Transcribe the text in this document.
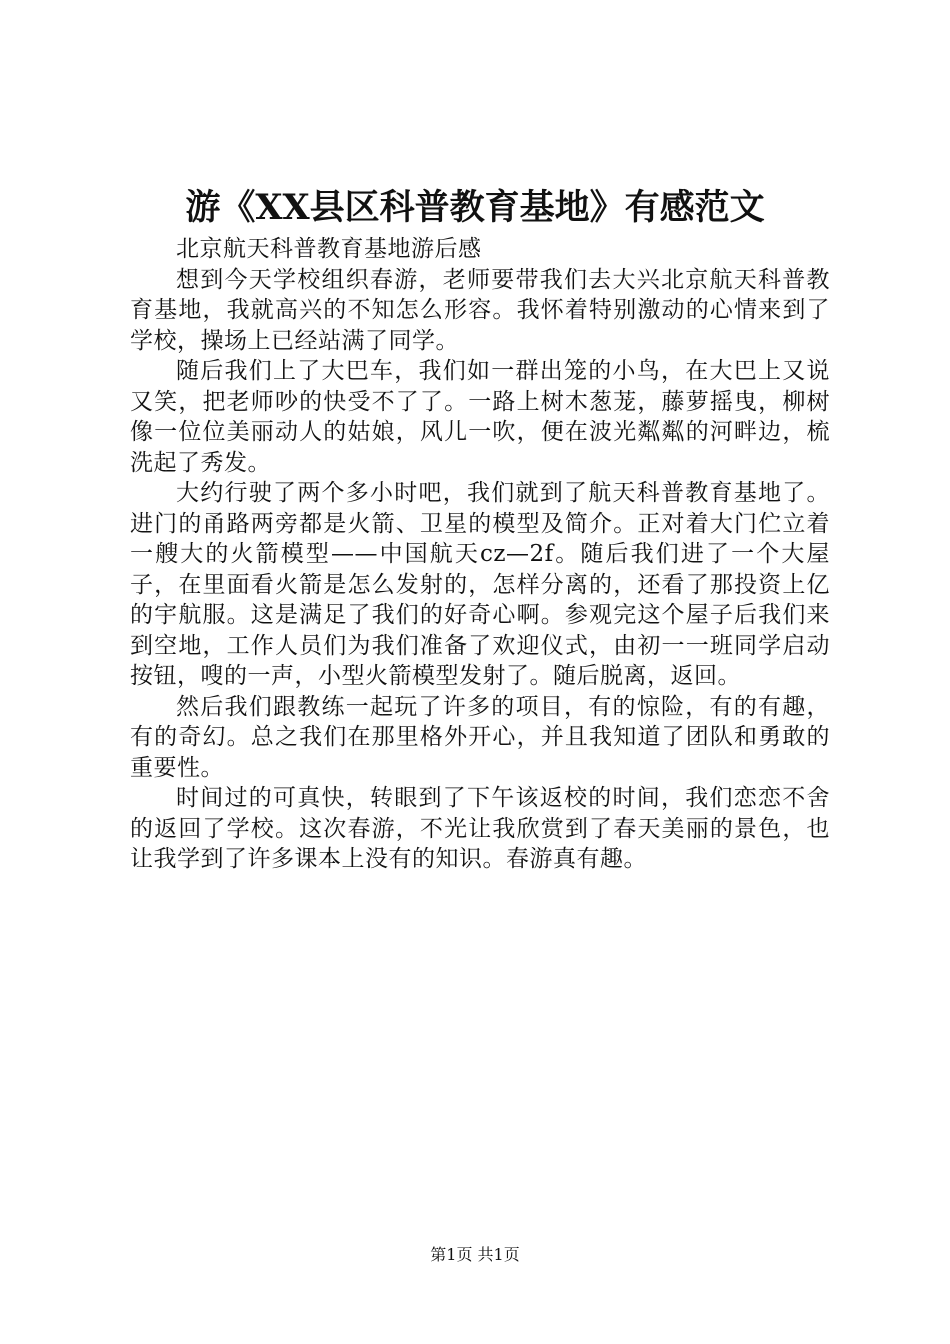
游《XX县区科普教育基地》有感范文

北京航天科普教育基地游后感

想到今天学校组织春游，老师要带我们去大兴北京航天科普教育基地，我就高兴的不知怎么形容。我怀着特别激动的心情来到了学校，操场上已经站满了同学。

随后我们上了大巴车，我们如一群出笼的小鸟，在大巴上又说又笑，把老师吵的快受不了了。一路上树木葱茏，藤萝摇曳，柳树像一位位美丽动人的姑娘，风儿一吹，便在波光粼粼的河畔边，梳洗起了秀发。

大约行驶了两个多小时吧，我们就到了航天科普教育基地了。进门的甬路两旁都是火箭、卫星的模型及简介。正对着大门伫立着一艘大的火箭模型——中国航天cz—2f。随后我们进了一个大屋子，在里面看火箭是怎么发射的，怎样分离的，还看了那投资上亿的宇航服。这是满足了我们的好奇心啊。参观完这个屋子后我们来到空地，工作人员们为我们准备了欢迎仪式，由初一一班同学启动按钮，嗖的一声，小型火箭模型发射了。随后脱离，返回。

然后我们跟教练一起玩了许多的项目，有的惊险，有的有趣，有的奇幻。总之我们在那里格外开心，并且我知道了团队和勇敢的重要性。

时间过的可真快，转眼到了下午该返校的时间，我们恋恋不舍的返回了学校。这次春游，不光让我欣赏到了春天美丽的景色，也让我学到了许多课本上没有的知识。春游真有趣。

第1页 共1页
